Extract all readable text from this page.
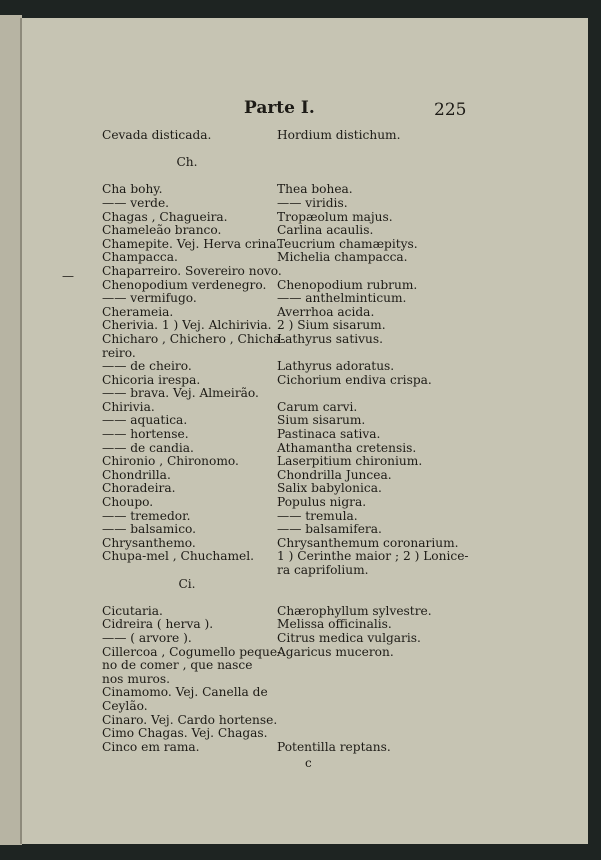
Parte I.	225
Cevada disticada.
Ch.
Cha bohy.
—— verde.
Chagas , Chagueira.
Chameleão branco.
Chamepite. Vej. Herva crina.
Champacca.
Chaparreiro. Sovereiro novo.
Chenopodium verdenegro.
—— vermifugo.
Cherameia.
Cherivia. 1 ) Vej. Alchirivia.
Chicharo , Chichero , Chicha-
reiro.
—— de cheiro.
Chicoria irespa.
—— brava. Vej. Almeirão.
Chirivia.
—— aquatica.
—— hortense.
—— de candia.
Chironio , Chironomo.
Chondrilla.
Choradeira.
Choupo.
—— tremedor.
—— balsamico.
Chrysanthemo.
Chupa-mel , Chuchamel.
Ci.
Cicutaria.
Cidreira ( herva ).
—— ( arvore ).
Cillercoa , Cogumello peque-
no de comer , que nasce
nos muros.
Cinamomo. Vej. Canella de
Ceylão.
Cinaro. Vej. Cardo hortense.
Cimo Chagas. Vej. Chagas.
Cinco em rama.
Hordium distichum.
Thea bohea.
—— viridis.
Tropæolum majus.
Carlina acaulis.
Teucrium chamæpitys.
Michelia champacca.
Chenopodium rubrum.
—— anthelminticum.
Averrhoa acida.
2 ) Sium sisarum.
Lathyrus sativus.
Lathyrus adoratus.
Cichorium endiva crispa.
Carum carvi.
Sium sisarum.
Pastinaca sativa.
Athamantha cretensis.
Laserpitium chironium.
Chondrilla Juncea.
Salix babylonica.
Populus nigra.
—— tremula.
—— balsamifera.
Chrysanthemum coronarium.
1 ) Cerinthe maior ; 2 ) Lonice-
ra caprifolium.
Chærophyllum sylvestre.
Melissa officinalis.
Citrus medica vulgaris.
Agaricus muceron.
Potentilla reptans.
—
c
